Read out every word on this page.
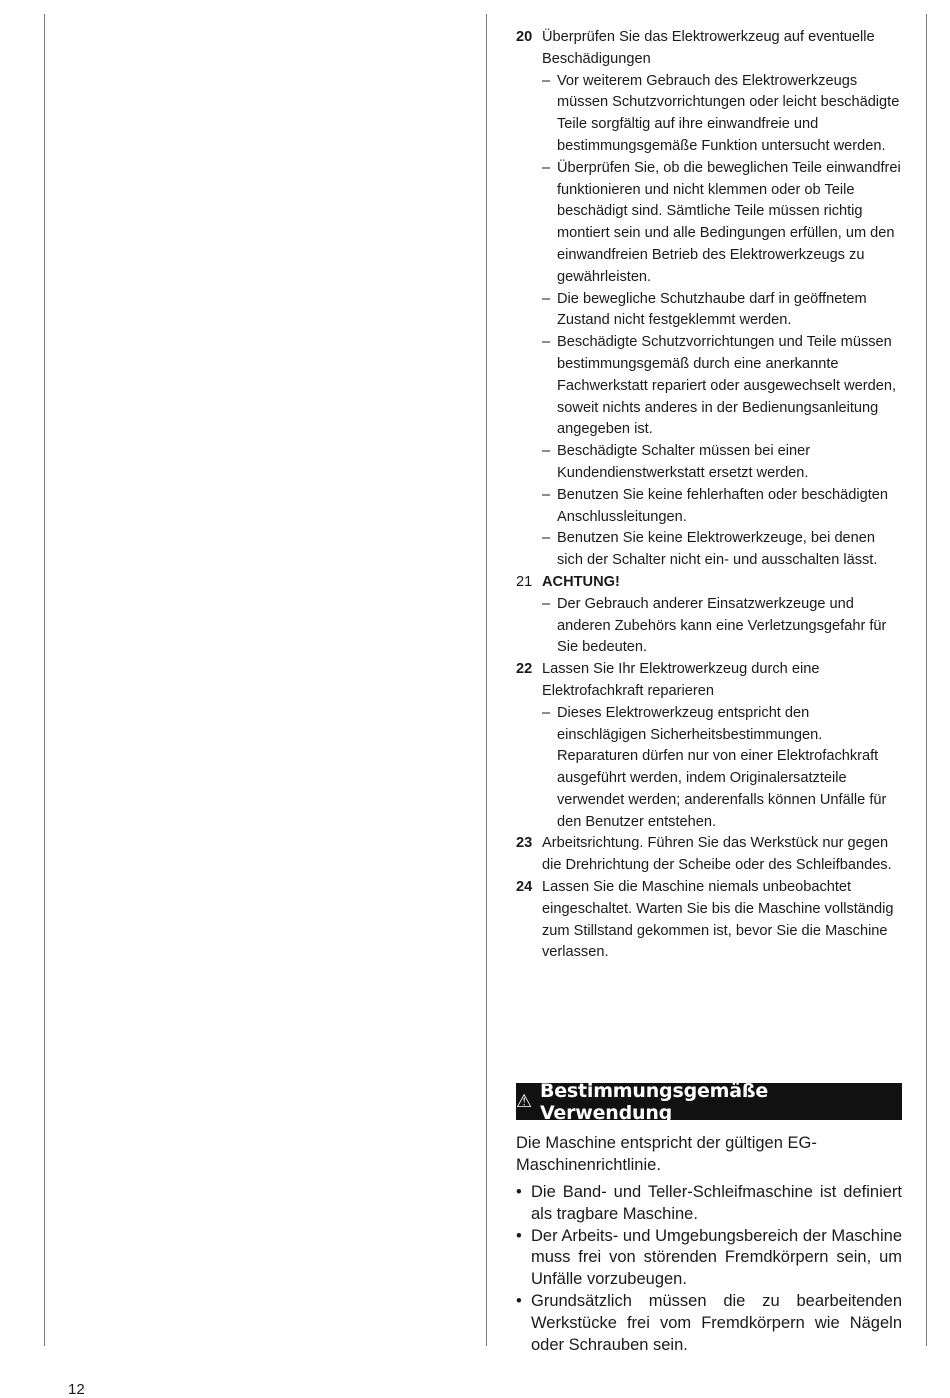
20 Überprüfen Sie das Elektrowerkzeug auf eventuelle Beschädigungen
– Vor weiterem Gebrauch des Elektrowerkzeugs müssen Schutzvorrichtungen oder leicht beschädigte Teile sorgfältig auf ihre einwandfreie und bestimmungsgemäße Funktion untersucht werden.
– Überprüfen Sie, ob die beweglichen Teile einwandfrei funktionieren und nicht klemmen oder ob Teile beschädigt sind. Sämtliche Teile müssen richtig montiert sein und alle Bedingungen erfüllen, um den einwandfreien Betrieb des Elektrowerkzeugs zu gewährleisten.
– Die bewegliche Schutzhaube darf in geöffnetem Zustand nicht festgeklemmt werden.
– Beschädigte Schutzvorrichtungen und Teile müssen bestimmungsgemäß durch eine anerkannte Fachwerkstatt repariert oder ausgewechselt werden, soweit nichts anderes in der Bedienungsanleitung angegeben ist.
– Beschädigte Schalter müssen bei einer Kundendienstwerkstatt ersetzt werden.
– Benutzen Sie keine fehlerhaften oder beschädigten Anschlussleitungen.
– Benutzen Sie keine Elektrowerkzeuge, bei denen sich der Schalter nicht ein- und ausschalten lässt.
21 ACHTUNG!
– Der Gebrauch anderer Einsatzwerkzeuge und anderen Zubehörs kann eine Verletzungsgefahr für Sie bedeuten.
22 Lassen Sie Ihr Elektrowerkzeug durch eine Elektrofachkraft reparieren
– Dieses Elektrowerkzeug entspricht den einschlägigen Sicherheitsbestimmungen. Reparaturen dürfen nur von einer Elektrofachkraft ausgeführt werden, indem Originalersatzteile verwendet werden; anderenfalls können Unfälle für den Benutzer entstehen.
23 Arbeitsrichtung. Führen Sie das Werkstück nur gegen die Drehrichtung der Scheibe oder des Schleifbandes.
24 Lassen Sie die Maschine niemals unbeobachtet eingeschaltet. Warten Sie bis die Maschine vollständig zum Stillstand gekommen ist, bevor Sie die Maschine verlassen.
⚠ Bestimmungsgemäße Verwendung
Die Maschine entspricht der gültigen EG-Maschinenrichtlinie.
• Die Band- und Teller-Schleifmaschine ist definiert als tragbare Maschine.
• Der Arbeits- und Umgebungsbereich der Maschine muss frei von störenden Fremdkörpern sein, um Unfälle vorzubeugen.
• Grundsätzlich müssen die zu bearbeitenden Werkstücke frei vom Fremdkörpern wie Nägeln oder Schrauben sein.
12
